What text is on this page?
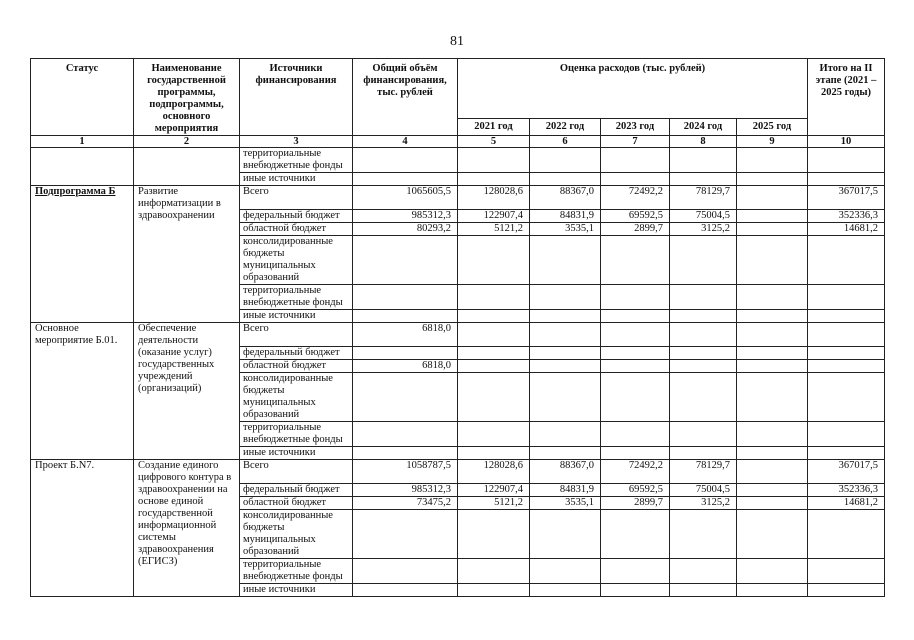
81
Статус	Наименование государственной программы, подпрограммы, основного мероприятия	Источники финансирования	Общий объём финансирования, тыс. рублей	Оценка расходов (тыс. рублей)					Итого на II этапе (2021 – 2025 годы)
				2021 год	2022 год	2023 год	2024 год	2025 год	
1	2	3	4	5	6	7	8	9	10
		территориальные внебюджетные фонды							
		иные источники							
Подпрограмма Б	Развитие информатизации в здравоохранении	Всего	1065605,5	128028,6	88367,0	72492,2	78129,7		367017,5
		федеральный бюджет	985312,3	122907,4	84831,9	69592,5	75004,5		352336,3
		областной бюджет	80293,2	5121,2	3535,1	2899,7	3125,2		14681,2
		консолидированные бюджеты муниципальных образований							
		территориальные внебюджетные фонды							
		иные источники							
Основное мероприятие Б.01.	Обеспечение деятельности (оказание услуг) государственных учреждений (организаций)	Всего	6818,0						
		федеральный бюджет							
		областной бюджет	6818,0						
		консолидированные бюджеты муниципальных образований							
		территориальные внебюджетные фонды							
		иные источники							
Проект Б.N7.	Создание единого цифрового контура в здравоохранении на основе единой государственной информационной системы здравоохранения (ЕГИСЗ)	Всего	1058787,5	128028,6	88367,0	72492,2	78129,7		367017,5
		федеральный бюджет	985312,3	122907,4	84831,9	69592,5	75004,5		352336,3
		областной бюджет	73475,2	5121,2	3535,1	2899,7	3125,2		14681,2
		консолидированные бюджеты муниципальных образований							
		территориальные внебюджетные фонды							
		иные источники							
